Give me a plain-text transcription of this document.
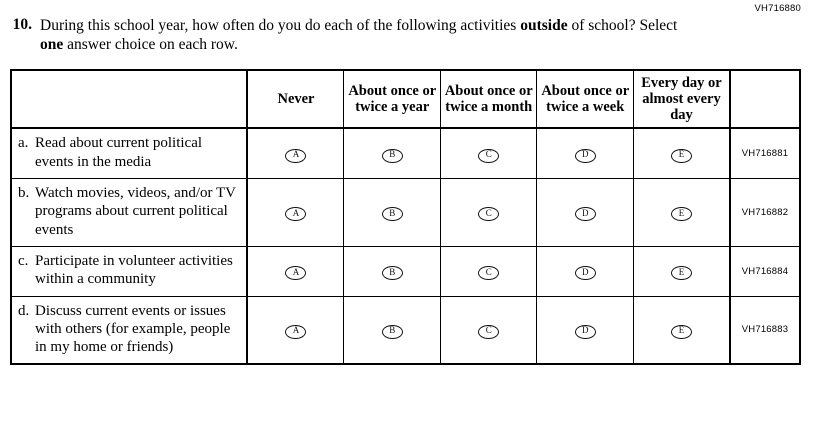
VH716880
10. During this school year, how often do you do each of the following activities outside of school? Select one answer choice on each row.
	Never	About once or twice a year	About once or twice a month	About once or twice a week	Every day or almost every day	

a. Read about current political events in the media	A	B	C	D	E	VH716881

b. Watch movies, videos, and/or TV programs about current political events	A	B	C	D	E	VH716882

c. Participate in volunteer activities within a community	A	B	C	D	E	VH716884

d. Discuss current events or issues with others (for example, people in my home or friends)	A	B	C	D	E	VH716883
